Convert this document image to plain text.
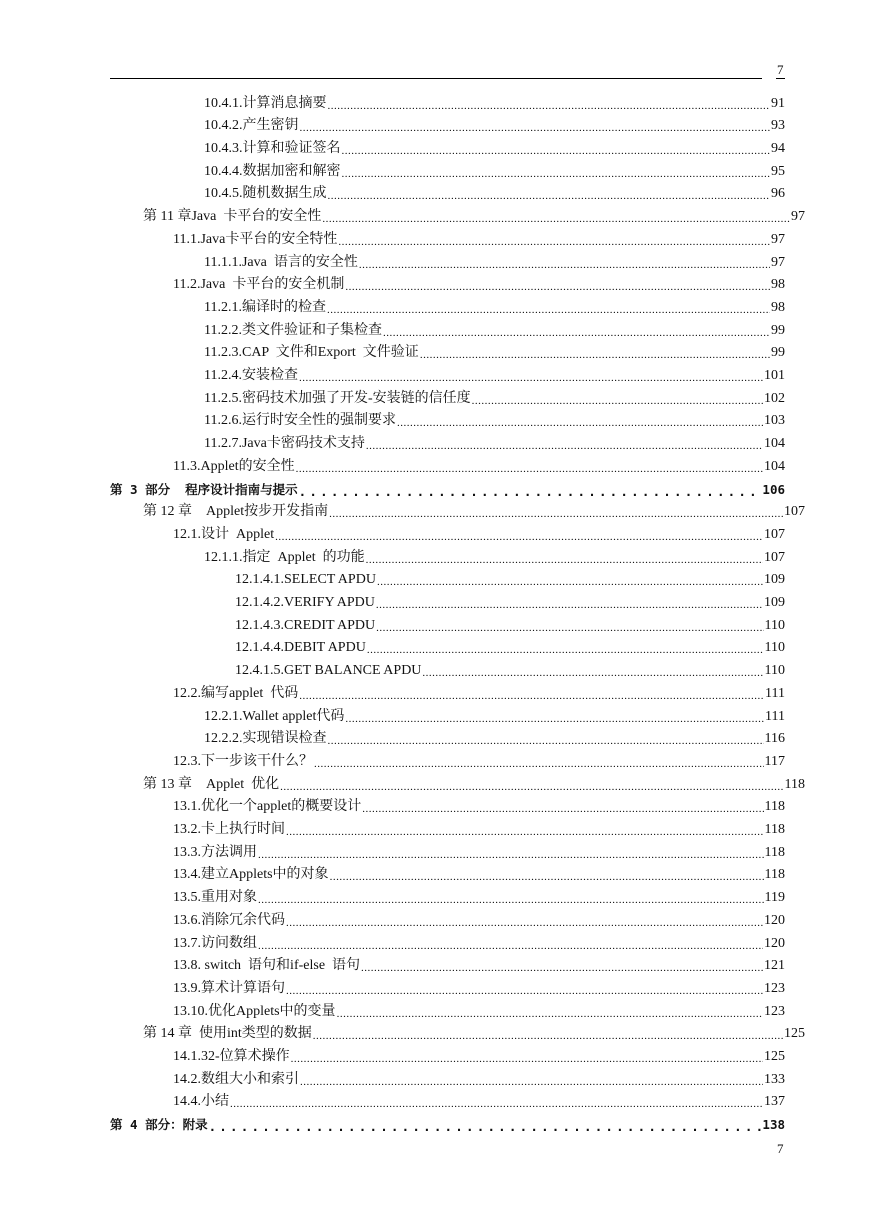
7
10.4.1.计算消息摘要 .....	91
10.4.2.产生密钥 .....	93
10.4.3.计算和验证签名 .....	94
10.4.4.数据加密和解密 .....	95
10.4.5.随机数据生成 .....	96
第 11 章Java  卡平台的安全性 .....	97
11.1.Java卡平台的安全特性 .....	97
11.1.1.Java  语言的安全性 .....	97
11.2.Java  卡平台的安全机制 .....	98
11.2.1.编译时的检查 .....	98
11.2.2.类文件验证和子集检查 .....	99
11.2.3.CAP  文件和Export  文件验证 .....	99
11.2.4.安装检查 .....	101
11.2.5.密码技术加强了开发-安装链的信任度 .....	102
11.2.6.运行时安全性的强制要求 .....	103
11.2.7.Java卡密码技术支持 .....	104
11.3.Applet的安全性 .....	104
第 3 部分  程序设计指南与提示 .....	106
第 12 章    Applet按步开发指南 .....	107
12.1.设计  Applet .....	107
12.1.1.指定  Applet  的功能 .....	107
12.1.4.1.SELECT APDU .....	109
12.1.4.2.VERIFY APDU .....	109
12.1.4.3.CREDIT APDU .....	110
12.1.4.4.DEBIT APDU .....	110
12.4.1.5.GET BALANCE APDU .....	110
12.2.编写applet  代码 .....	111
12.2.1.Wallet applet代码 .....	111
12.2.2.实现错误检查 .....	116
12.3.下一步该干什么？ .....	117
第 13 章    Applet  优化 .....	118
13.1.优化一个applet的概要设计 .....	118
13.2.卡上执行时间 .....	118
13.3.方法调用 .....	118
13.4.建立Applets中的对象 .....	118
13.5.重用对象 .....	119
13.6.消除冗余代码 .....	120
13.7.访问数组 .....	120
13.8. switch  语句和if-else  语句 .....	121
13.9.算术计算语句 .....	123
13.10.优化Applets中的变量 .....	123
第 14 章  使用int类型的数据 .....	125
14.1.32-位算术操作 .....	125
14.2.数组大小和索引 .....	133
14.4.小结 .....	137
第 4 部分：附录 .....	138
7
